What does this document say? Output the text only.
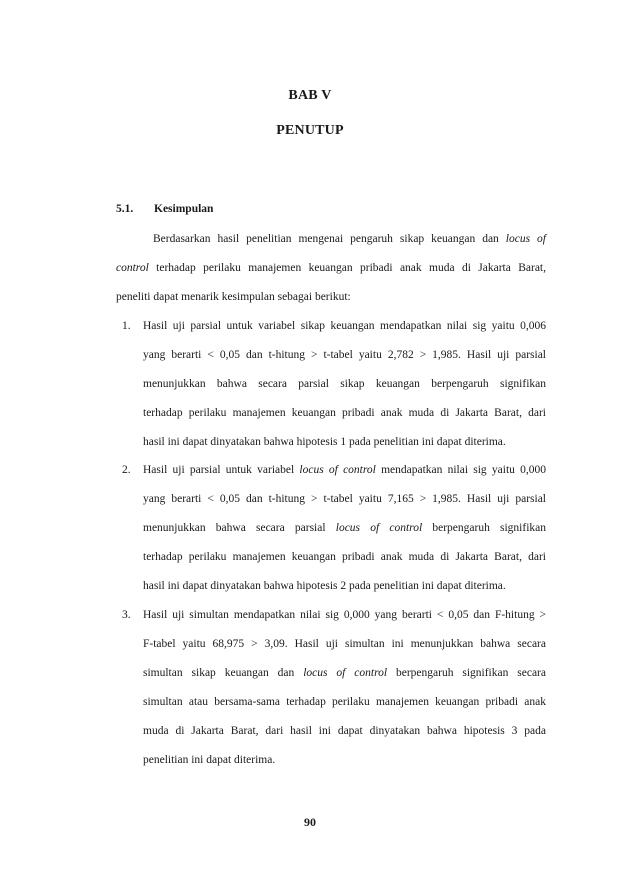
BAB V
PENUTUP
5.1. Kesimpulan
Berdasarkan hasil penelitian mengenai pengaruh sikap keuangan dan locus of
control terhadap perilaku manajemen keuangan pribadi anak muda di Jakarta Barat,
peneliti dapat menarik kesimpulan sebagai berikut:
1. Hasil uji parsial untuk variabel sikap keuangan mendapatkan nilai sig yaitu 0,006
yang berarti < 0,05 dan t-hitung > t-tabel yaitu 2,782 > 1,985. Hasil uji parsial
menunjukkan bahwa secara parsial sikap keuangan berpengaruh signifikan
terhadap perilaku manajemen keuangan pribadi anak muda di Jakarta Barat, dari
hasil ini dapat dinyatakan bahwa hipotesis 1 pada penelitian ini dapat diterima.
2. Hasil uji parsial untuk variabel locus of control mendapatkan nilai sig yaitu 0,000
yang berarti < 0,05 dan t-hitung > t-tabel yaitu 7,165 > 1,985. Hasil uji parsial
menunjukkan bahwa secara parsial locus of control berpengaruh signifikan
terhadap perilaku manajemen keuangan pribadi anak muda di Jakarta Barat, dari
hasil ini dapat dinyatakan bahwa hipotesis 2 pada penelitian ini dapat diterima.
3. Hasil uji simultan mendapatkan nilai sig 0,000 yang berarti < 0,05 dan F-hitung >
F-tabel yaitu 68,975 > 3,09. Hasil uji simultan ini menunjukkan bahwa secara
simultan sikap keuangan dan locus of control berpengaruh signifikan secara
simultan atau bersama-sama terhadap perilaku manajemen keuangan pribadi anak
muda di Jakarta Barat, dari hasil ini dapat dinyatakan bahwa hipotesis 3 pada
penelitian ini dapat diterima.
90
